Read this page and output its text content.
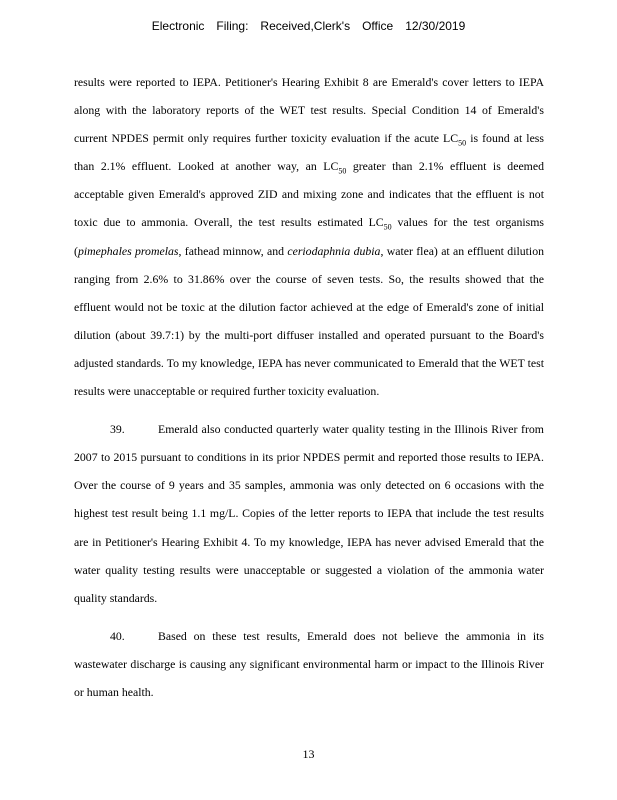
Electronic Filing: Received,Clerk's Office 12/30/2019

results were reported to IEPA. Petitioner's Hearing Exhibit 8 are Emerald's cover letters to IEPA along with the laboratory reports of the WET test results. Special Condition 14 of Emerald's current NPDES permit only requires further toxicity evaluation if the acute $LC_{50}$ is found at less than 2.1% effluent. Looked at another way, an $LC_{50}$ greater than 2.1% effluent is deemed acceptable given Emerald's approved ZID and mixing zone and indicates that the effluent is not toxic due to ammonia. Overall, the test results estimated $LC_{50}$ values for the test organisms (pimephales promelas, fathead minnow, and ceriodaphnia dubia, water flea) at an effluent dilution ranging from 2.6% to 31.86% over the course of seven tests. So, the results showed that the effluent would not be toxic at the dilution factor achieved at the edge of Emerald's zone of initial dilution (about 39.7:1) by the multi-port diffuser installed and operated pursuant to the Board's adjusted standards. To my knowledge, IEPA has never communicated to Emerald that the WET test results were unacceptable or required further toxicity evaluation.

39.	Emerald also conducted quarterly water quality testing in the Illinois River from 2007 to 2015 pursuant to conditions in its prior NPDES permit and reported those results to IEPA. Over the course of 9 years and 35 samples, ammonia was only detected on 6 occasions with the highest test result being 1.1 mg/L. Copies of the letter reports to IEPA that include the test results are in Petitioner's Hearing Exhibit 4. To my knowledge, IEPA has never advised Emerald that the water quality testing results were unacceptable or suggested a violation of the ammonia water quality standards.

40.	Based on these test results, Emerald does not believe the ammonia in its wastewater discharge is causing any significant environmental harm or impact to the Illinois River or human health.

13
